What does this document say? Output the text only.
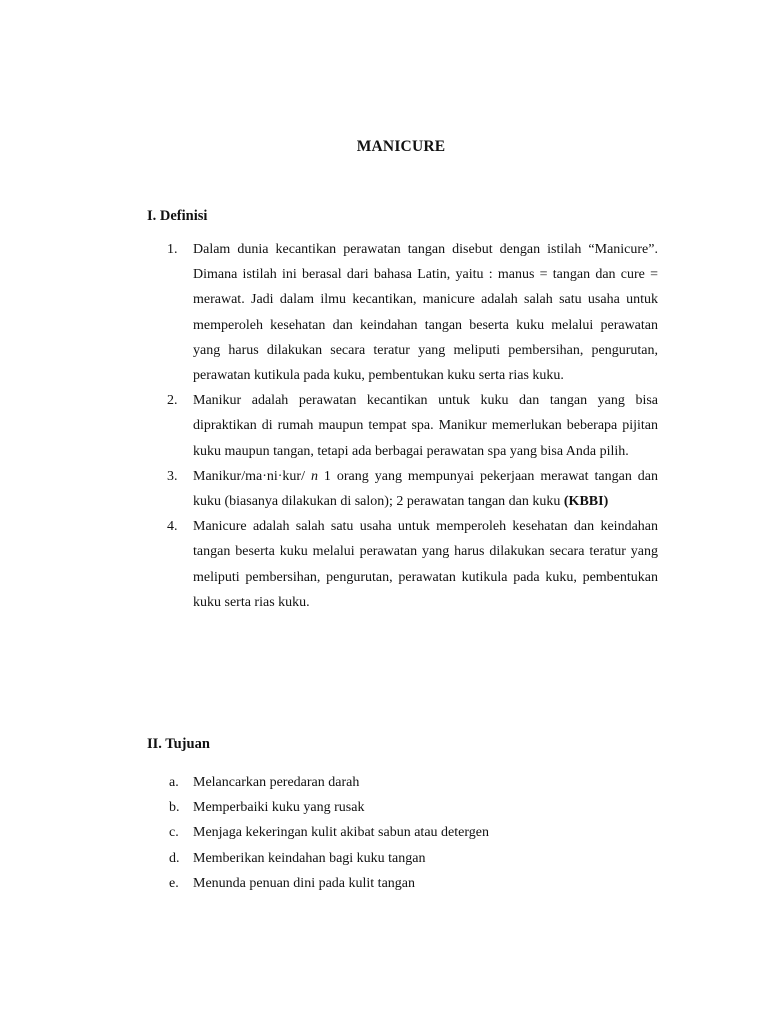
MANICURE
I. Definisi
1. Dalam dunia kecantikan perawatan tangan disebut dengan istilah “Manicure”. Dimana istilah ini berasal dari bahasa Latin, yaitu : manus = tangan dan cure = merawat. Jadi dalam ilmu kecantikan, manicure adalah salah satu usaha untuk memperoleh kesehatan dan keindahan tangan beserta kuku melalui perawatan yang harus dilakukan secara teratur yang meliputi pembersihan, pengurutan, perawatan kutikula pada kuku, pembentukan kuku serta rias kuku.
2. Manikur adalah perawatan kecantikan untuk kuku dan tangan yang bisa dipraktikan di rumah maupun tempat spa. Manikur memerlukan beberapa pijitan kuku maupun tangan, tetapi ada berbagai perawatan spa yang bisa Anda pilih.
3. Manikur/ma·ni·kur/ n 1 orang yang mempunyai pekerjaan merawat tangan dan kuku (biasanya dilakukan di salon); 2 perawatan tangan dan kuku (KBBI)
4. Manicure adalah salah satu usaha untuk memperoleh kesehatan dan keindahan tangan beserta kuku melalui perawatan yang harus dilakukan secara teratur yang meliputi pembersihan, pengurutan, perawatan kutikula pada kuku, pembentukan kuku serta rias kuku.
II. Tujuan
a. Melancarkan peredaran darah
b. Memperbaiki kuku yang rusak
c. Menjaga kekeringan kulit akibat sabun atau detergen
d. Memberikan keindahan bagi kuku tangan
e. Menunda penuan dini pada kulit tangan
